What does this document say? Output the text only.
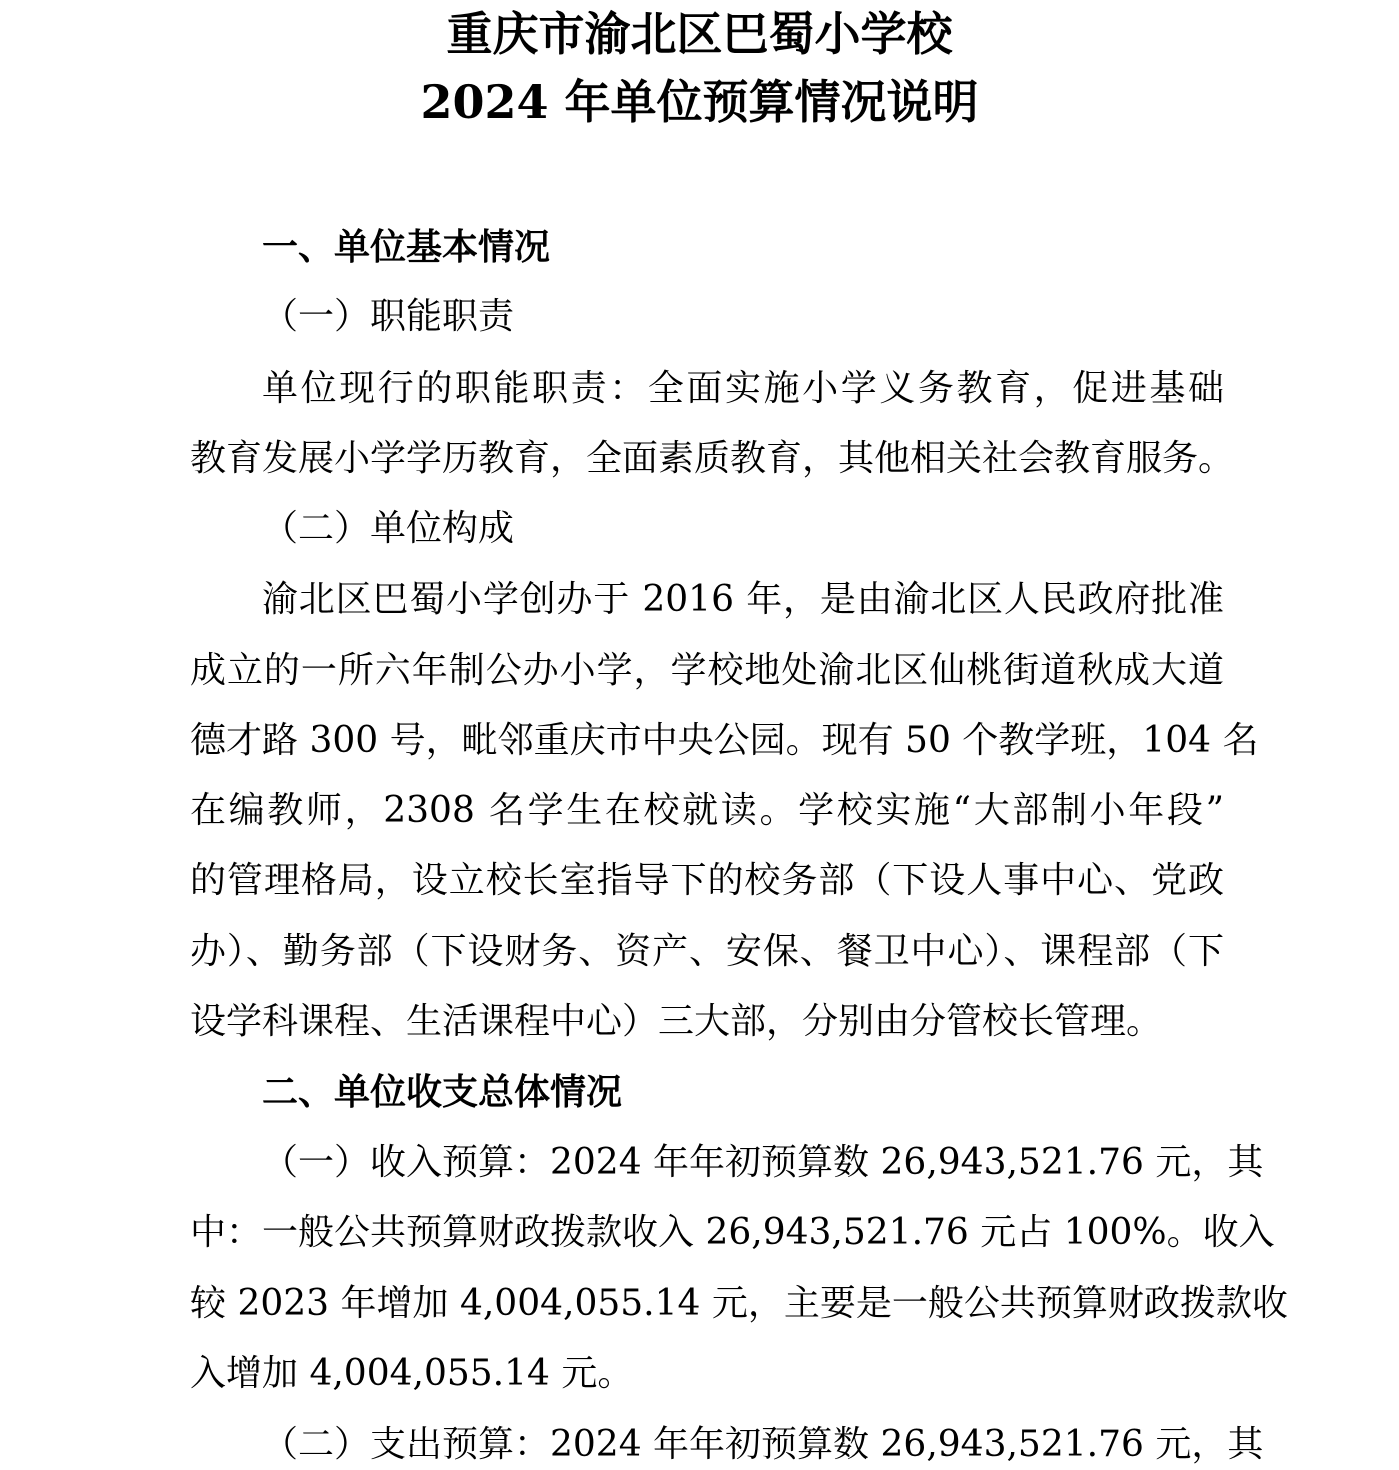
重庆市渝北区巴蜀小学校
2024 年单位预算情况说明

一、单位基本情况

（一）职能职责

单位现行的职能职责：全面实施小学义务教育，促进基础

教育发展小学学历教育，全面素质教育，其他相关社会教育服务。

（二）单位构成

渝北区巴蜀小学创办于 2016 年，是由渝北区人民政府批准

成立的一所六年制公办小学，学校地处渝北区仙桃街道秋成大道

德才路 300 号，毗邻重庆市中央公园。现有 50 个教学班，104 名

在编教师，2308 名学生在校就读。学校实施“大部制小年段”

的管理格局，设立校长室指导下的校务部（下设人事中心、党政

办）、勤务部（下设财务、资产、安保、餐卫中心）、课程部（下

设学科课程、生活课程中心）三大部，分别由分管校长管理。

二、单位收支总体情况

（一）收入预算：2024 年年初预算数 26,943,521.76 元，其

中：一般公共预算财政拨款收入 26,943,521.76 元占 100%。收入

较 2023 年增加 4,004,055.14 元，主要是一般公共预算财政拨款收

入增加 4,004,055.14 元。

（二）支出预算：2024 年年初预算数 26,943,521.76 元，其
